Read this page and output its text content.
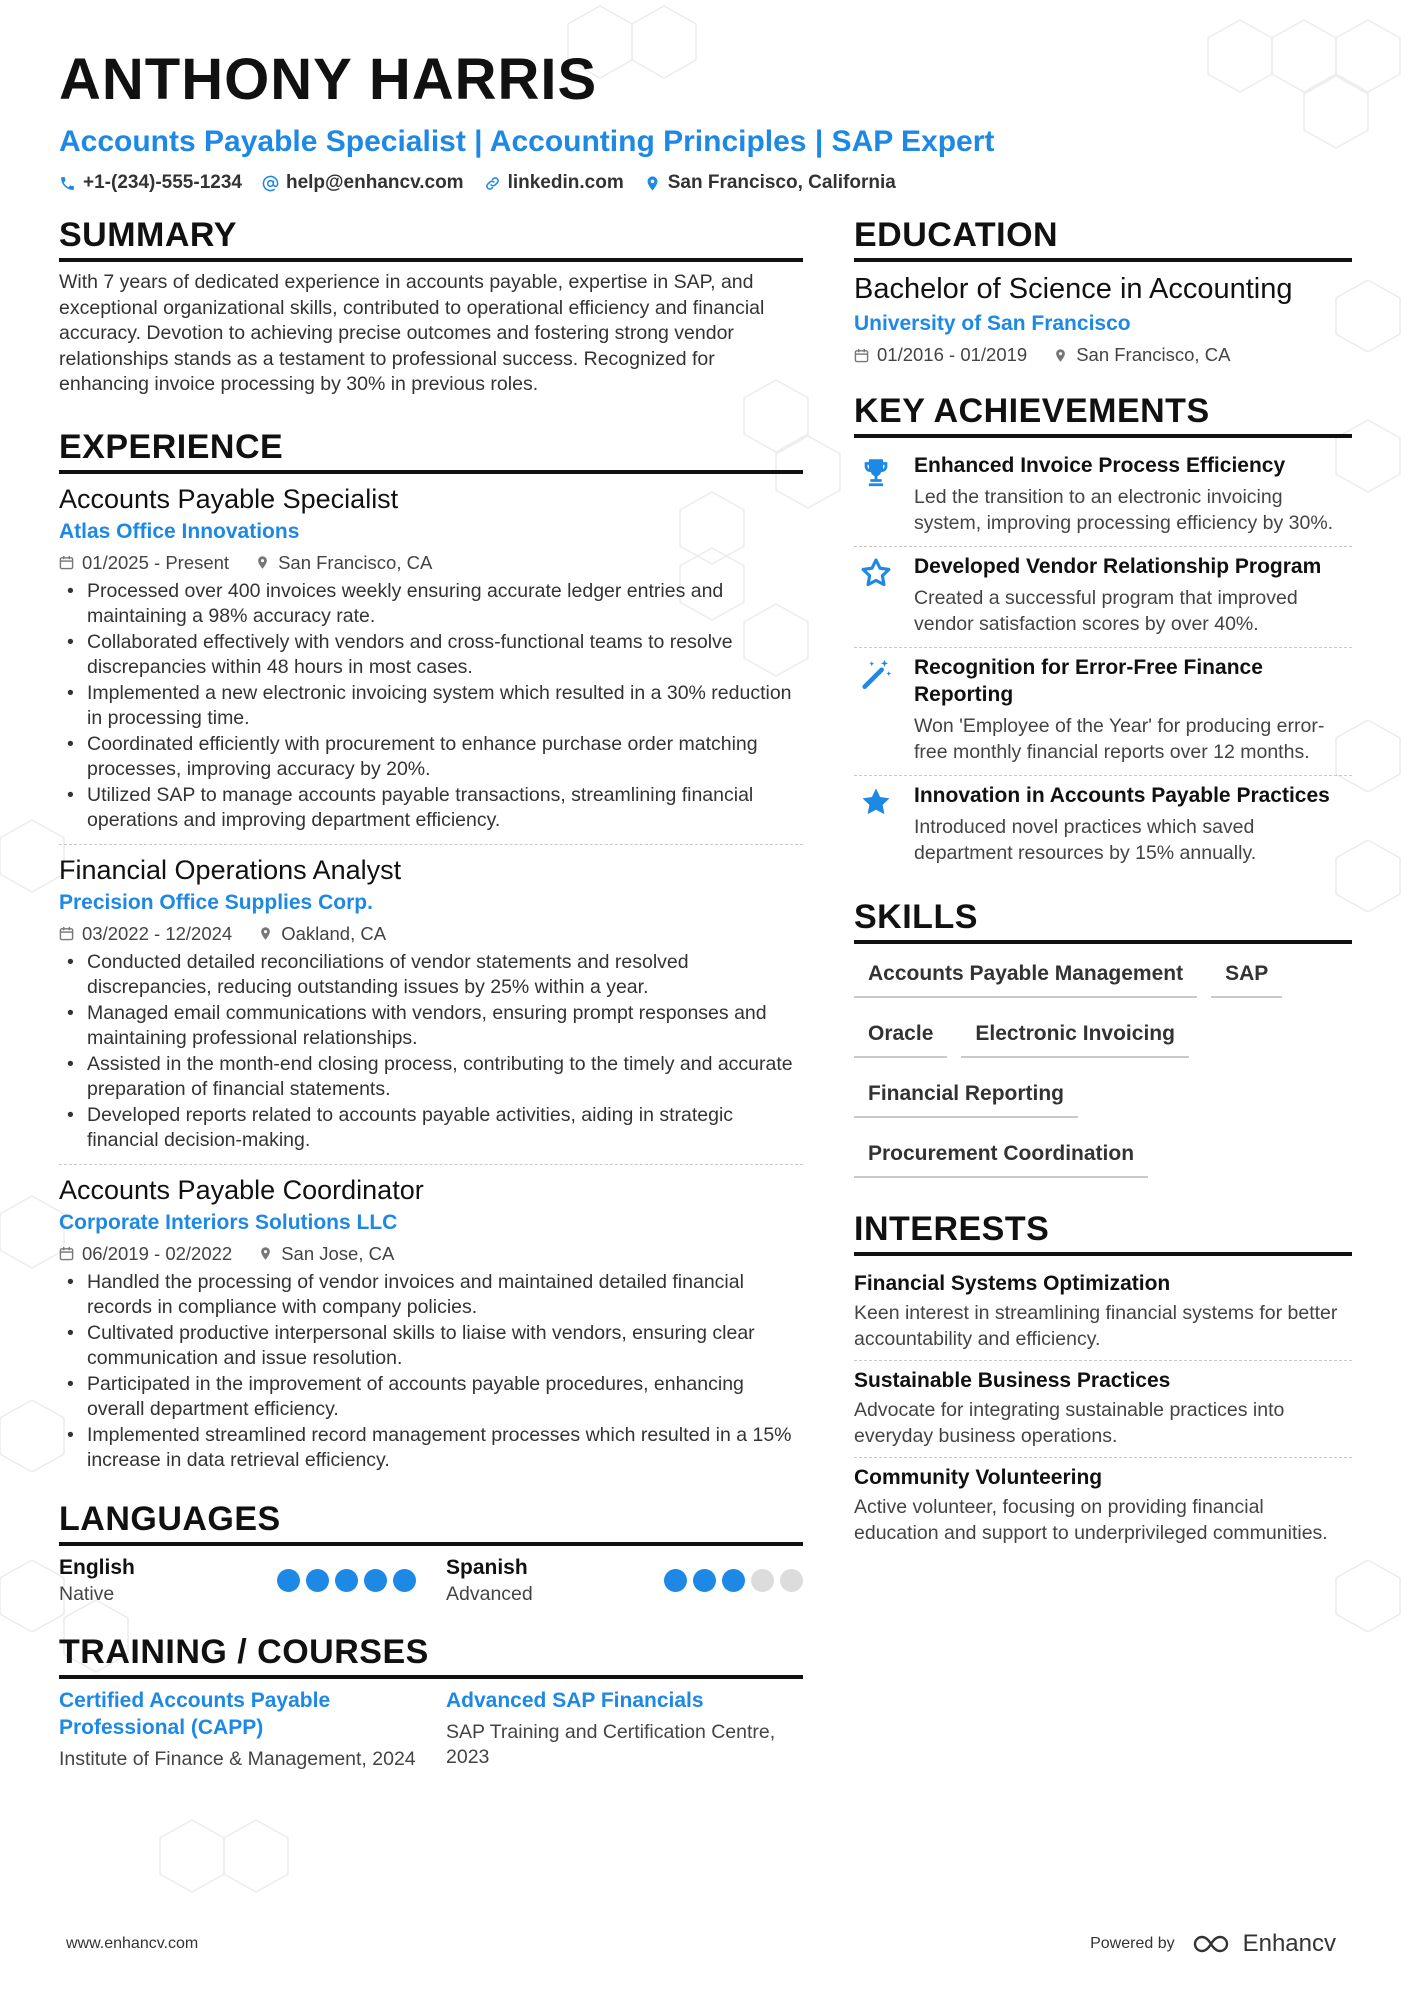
ANTHONY HARRIS
Accounts Payable Specialist | Accounting Principles | SAP Expert
+1-(234)-555-1234 help@enhancv.com linkedin.com San Francisco, California
SUMMARY
With 7 years of dedicated experience in accounts payable, expertise in SAP, and exceptional organizational skills, contributed to operational efficiency and financial accuracy. Devotion to achieving precise outcomes and fostering strong vendor relationships stands as a testament to professional success. Recognized for enhancing invoice processing by 30% in previous roles.
EXPERIENCE
Accounts Payable Specialist
Atlas Office Innovations
01/2025 - Present	San Francisco, CA
• Processed over 400 invoices weekly ensuring accurate ledger entries and maintaining a 98% accuracy rate.
• Collaborated effectively with vendors and cross-functional teams to resolve discrepancies within 48 hours in most cases.
• Implemented a new electronic invoicing system which resulted in a 30% reduction in processing time.
• Coordinated efficiently with procurement to enhance purchase order matching processes, improving accuracy by 20%.
• Utilized SAP to manage accounts payable transactions, streamlining financial operations and improving department efficiency.
Financial Operations Analyst
Precision Office Supplies Corp.
03/2022 - 12/2024	Oakland, CA
• Conducted detailed reconciliations of vendor statements and resolved discrepancies, reducing outstanding issues by 25% within a year.
• Managed email communications with vendors, ensuring prompt responses and maintaining professional relationships.
• Assisted in the month-end closing process, contributing to the timely and accurate preparation of financial statements.
• Developed reports related to accounts payable activities, aiding in strategic financial decision-making.
Accounts Payable Coordinator
Corporate Interiors Solutions LLC
06/2019 - 02/2022	San Jose, CA
• Handled the processing of vendor invoices and maintained detailed financial records in compliance with company policies.
• Cultivated productive interpersonal skills to liaise with vendors, ensuring clear communication and issue resolution.
• Participated in the improvement of accounts payable procedures, enhancing overall department efficiency.
• Implemented streamlined record management processes which resulted in a 15% increase in data retrieval efficiency.
LANGUAGES
English
Native
Spanish
Advanced
TRAINING / COURSES
Certified Accounts Payable Professional (CAPP)
Institute of Finance & Management, 2024
Advanced SAP Financials
SAP Training and Certification Centre, 2023
EDUCATION
Bachelor of Science in Accounting
University of San Francisco
01/2016 - 01/2019	San Francisco, CA
KEY ACHIEVEMENTS
Enhanced Invoice Process Efficiency
Led the transition to an electronic invoicing system, improving processing efficiency by 30%.
Developed Vendor Relationship Program
Created a successful program that improved vendor satisfaction scores by over 40%.
Recognition for Error-Free Finance Reporting
Won 'Employee of the Year' for producing error-free monthly financial reports over 12 months.
Innovation in Accounts Payable Practices
Introduced novel practices which saved department resources by 15% annually.
SKILLS
Accounts Payable Management	SAP
Oracle	Electronic Invoicing
Financial Reporting
Procurement Coordination
INTERESTS
Financial Systems Optimization
Keen interest in streamlining financial systems for better accountability and efficiency.
Sustainable Business Practices
Advocate for integrating sustainable practices into everyday business operations.
Community Volunteering
Active volunteer, focusing on providing financial education and support to underprivileged communities.
www.enhancv.com	Powered by	Enhancv
